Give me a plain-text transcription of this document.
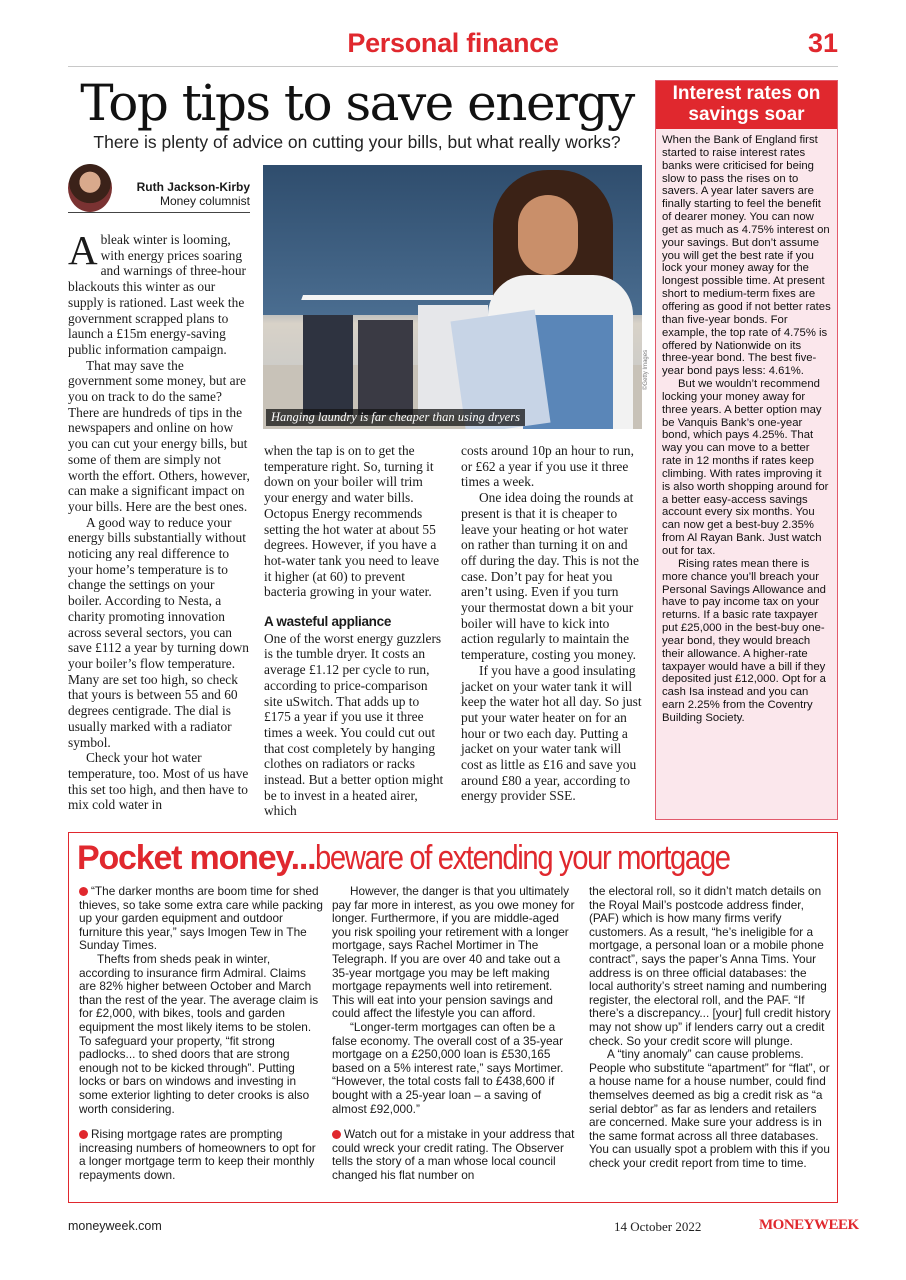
Personal finance	31
Top tips to save energy
There is plenty of advice on cutting your bills, but what really works?
Ruth Jackson-Kirby
Money columnist
Hanging laundry is far cheaper than using dryers
©Getty Images

Ableak winter is looming, with energy prices soaring and warnings of three-hour blackouts this winter as our supply is rationed. Last week the government scrapped plans to launch a £15m energy-saving public information campaign.

That may save the government some money, but are you on track to do the same? There are hundreds of tips in the newspapers and online on how you can cut your energy bills, but some of them are simply not worth the effort. Others, however, can make a significant impact on your bills. Here are the best ones.

A good way to reduce your energy bills substantially without noticing any real difference to your home’s temperature is to change the settings on your boiler. According to Nesta, a charity promoting innovation across several sectors, you can save £112 a year by turning down your boiler’s flow temperature. Many are set too high, so check that yours is between 55 and 60 degrees centigrade. The dial is usually marked with a radiator symbol.

Check your hot water temperature, too. Most of us have this set too high, and then have to mix cold water in

when the tap is on to get the temperature right. So, turning it down on your boiler will trim your energy and water bills. Octopus Energy recommends setting the hot water at about 55 degrees. However, if you have a hot-water tank you need to leave it higher (at 60) to prevent bacteria growing in your water.

A wasteful appliance

One of the worst energy guzzlers is the tumble dryer. It costs an average £1.12 per cycle to run, according to price-comparison site uSwitch. That adds up to £175 a year if you use it three times a week. You could cut out that cost completely by hanging clothes on radiators or racks instead. But a better option might be to invest in a heated airer, which

costs around 10p an hour to run, or £62 a year if you use it three times a week.

One idea doing the rounds at present is that it is cheaper to leave your heating or hot water on rather than turning it on and off during the day. This is not the case. Don’t pay for heat you aren’t using. Even if you turn your thermostat down a bit your boiler will have to kick into action regularly to maintain the temperature, costing you money.

If you have a good insulating jacket on your water tank it will keep the water hot all day. So just put your water heater on for an hour or two each day. Putting a jacket on your water tank will cost as little as £16 and save you around £80 a year, according to energy provider SSE.

Interest rates on savings soar

When the Bank of England first started to raise interest rates banks were criticised for being slow to pass the rises on to savers. A year later savers are finally starting to feel the benefit of dearer money. You can now get as much as 4.75% interest on your savings. But don’t assume you will get the best rate if you lock your money away for the longest possible time. At present short to medium-term fixes are offering as good if not better rates than five-year bonds. For example, the top rate of 4.75% is offered by Nationwide on its three-year bond. The best five-year bond pays less: 4.61%.

But we wouldn’t recommend locking your money away for three years. A better option may be Vanquis Bank’s one-year bond, which pays 4.25%. That way you can move to a better rate in 12 months if rates keep climbing. With rates improving it is also worth shopping around for a better easy-access savings account every six months. You can now get a best-buy 2.35% from Al Rayan Bank. Just watch out for tax.

Rising rates mean there is more chance you’ll breach your Personal Savings Allowance and have to pay income tax on your returns. If a basic rate taxpayer put £25,000 in the best-buy one-year bond, they would breach their allowance. A higher-rate taxpayer would have a bill if they deposited just £12,000. Opt for a cash Isa instead and you can earn 2.25% from the Coventry Building Society.

Pocket money...beware of extending your mortgage

“The darker months are boom time for shed thieves, so take some extra care while packing up your garden equipment and outdoor furniture this year,” says Imogen Tew in The Sunday Times.

Thefts from sheds peak in winter, according to insurance firm Admiral. Claims are 82% higher between October and March than the rest of the year. The average claim is for £2,000, with bikes, tools and garden equipment the most likely items to be stolen. To safeguard your property, “fit strong padlocks... to shed doors that are strong enough not to be kicked through”. Putting locks or bars on windows and investing in some exterior lighting to deter crooks is also worth considering.

Rising mortgage rates are prompting increasing numbers of homeowners to opt for a longer mortgage term to keep their monthly repayments down.

However, the danger is that you ultimately pay far more in interest, as you owe money for longer. Furthermore, if you are middle-aged you risk spoiling your retirement with a longer mortgage, says Rachel Mortimer in The Telegraph. If you are over 40 and take out a 35-year mortgage you may be left making mortgage repayments well into retirement. This will eat into your pension savings and could affect the lifestyle you can afford.

“Longer-term mortgages can often be a false economy. The overall cost of a 35-year mortgage on a £250,000 loan is £530,165 based on a 5% interest rate,” says Mortimer. “However, the total costs fall to £438,600 if bought with a 25-year loan – a saving of almost £92,000.”

Watch out for a mistake in your address that could wreck your credit rating. The Observer tells the story of a man whose local council changed his flat number on

the electoral roll, so it didn’t match details on the Royal Mail’s postcode address finder, (PAF) which is how many firms verify customers. As a result, “he’s ineligible for a mortgage, a personal loan or a mobile phone contract”, says the paper’s Anna Tims. Your address is on three official databases: the local authority’s street naming and numbering register, the electoral roll, and the PAF. “If there’s a discrepancy... [your] full credit history may not show up” if lenders carry out a credit check. So your credit score will plunge.

A “tiny anomaly” can cause problems. People who substitute “apartment” for “flat”, or a house name for a house number, could find themselves deemed as big a credit risk as “a serial debtor” as far as lenders and retailers are concerned. Make sure your address is in the same format across all three databases. You can usually spot a problem with this if you check your credit report from time to time.

moneyweek.com	14 October 2022	MONEYWEEK
